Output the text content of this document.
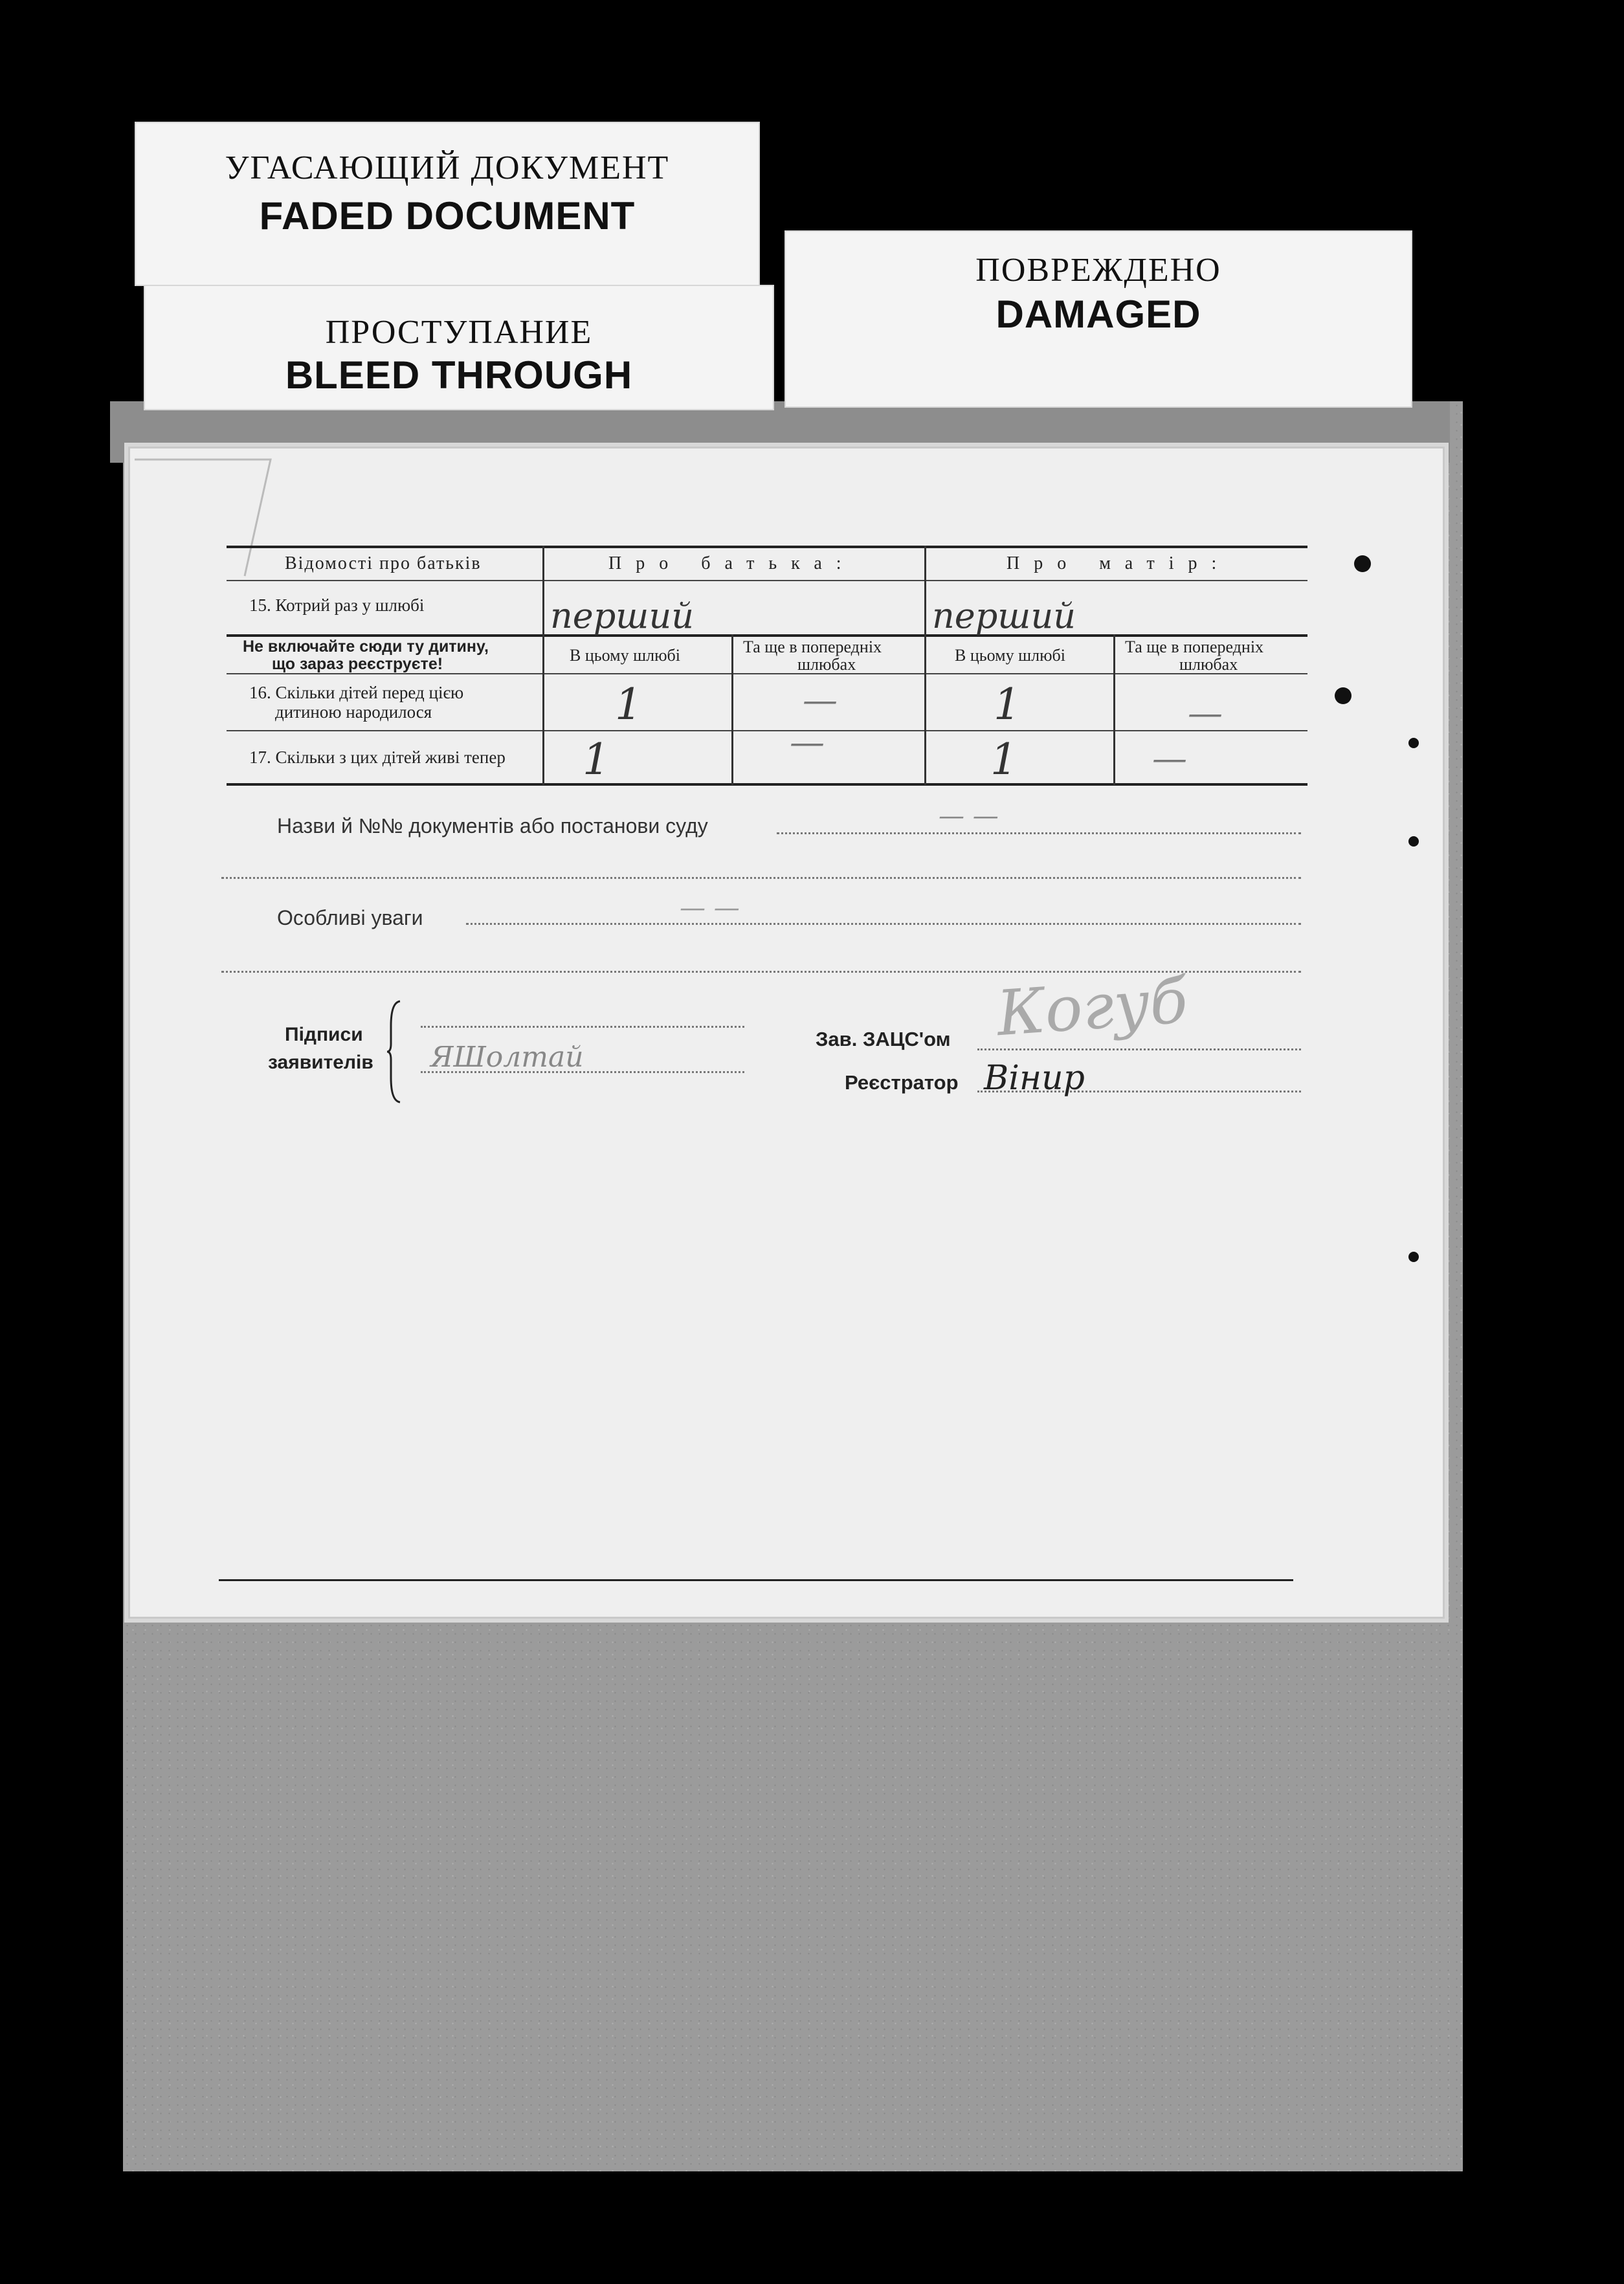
УГАСАЮЩИЙ ДОКУМЕНТ
FADED DOCUMENT
ПРОСТУПАНИЕ
BLEED THROUGH
ПОВРЕЖДЕНО
DAMAGED
Відомості про батьків	Про батька:	Про матір:
15. Котрий раз у шлюбі	перший	перший
Не включайте сюди ту дитину,
що зараз реєструєте!	В цьому шлюбі	Та ще в попередніх
шлюбах	В цьому шлюбі	Та ще в попередніх
шлюбах
16. Скільки дітей перед цією
дитиною народилося	1	—	1	—
17. Скільки з цих дітей живі тепер 1	—	1	—
Назви й №№ документів або постанови суду	— —
Особливі уваги	— —
Підписи
заявителів ЯШолтай
Зав. ЗАЦС'ом Когуб
Реєстратор Вінир
